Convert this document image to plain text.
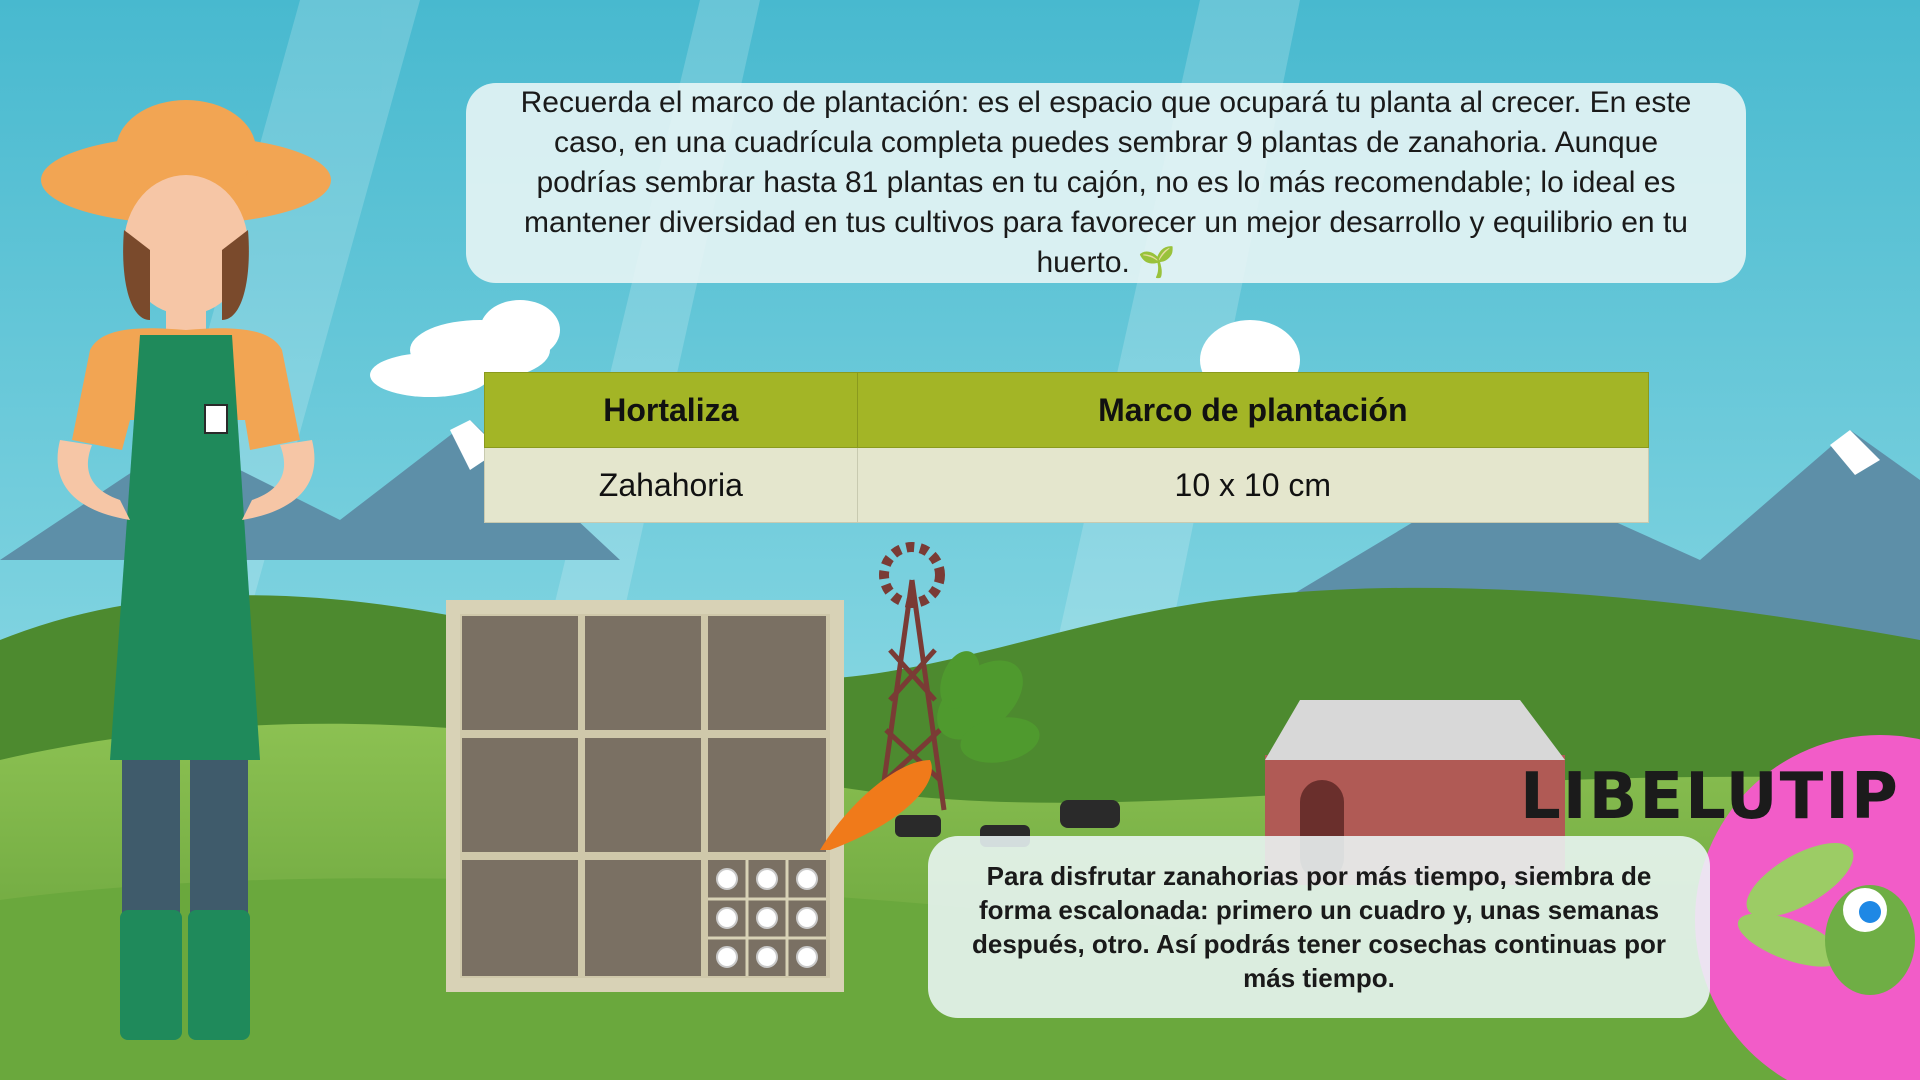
Recuerda el marco de plantación: es el espacio que ocupará tu planta al crecer. En este caso, en una cuadrícula completa puedes sembrar 9 plantas de zanahoria. Aunque podrías sembrar hasta 81 plantas en tu cajón, no es lo más recomendable; lo ideal es mantener diversidad en tus cultivos para favorecer un mejor desarrollo y equilibrio en tu huerto. 🌱

Hortaliza	Marco de plantación
Zahahoria	10 x 10 cm
LIBELUTIP

Para disfrutar zanahorias por más tiempo, siembra de forma escalonada: primero un cuadro y, unas semanas después, otro. Así podrás tener cosechas continuas por más tiempo.
